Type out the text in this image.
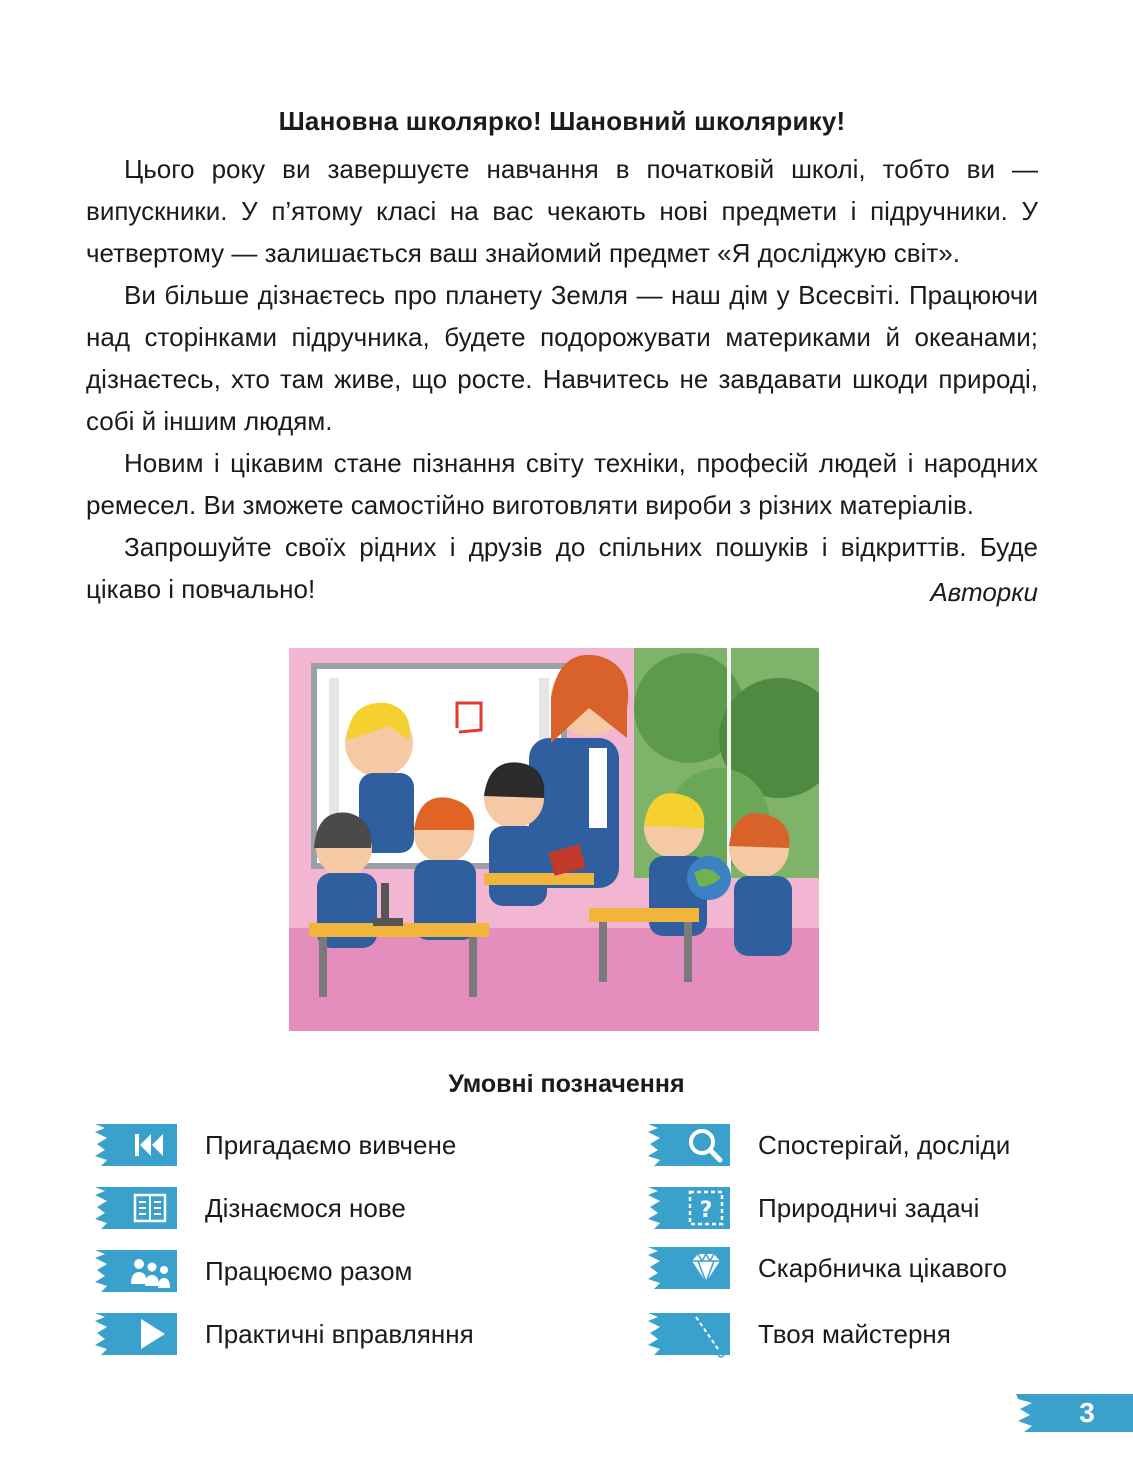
Шановна школярко! Шановний школярику!

Цього року ви завершуєте навчання в початковій школі, тобто ви — випускники. У п’ятому класі на вас чекають нові предмети і підручники. У четвертому — залишається ваш знайомий предмет «Я досліджую світ».

Ви більше дізнаєтесь про планету Земля — наш дім у Всесвіті. Працюючи над сторінками підручника, будете подорожувати материками й океанами; дізнаєтесь, хто там живе, що росте. Навчитесь не завдавати шкоди природі, собі й іншим людям.

Новим і цікавим стане пізнання світу техніки, професій людей і народних ремесел. Ви зможете самостійно виготовляти вироби з різних матеріалів.

Запрошуйте своїх рідних і друзів до спільних пошуків і відкриттів. Буде цікаво і повчально!	Авторки
Умовні позначення
Пригадаємо вивчене
Дізнаємося нове
Працюємо разом
Практичні вправляння
Спостерігай, досліди
? Природничі задачі
Скарбничка цікавого
Твоя майстерня
3
